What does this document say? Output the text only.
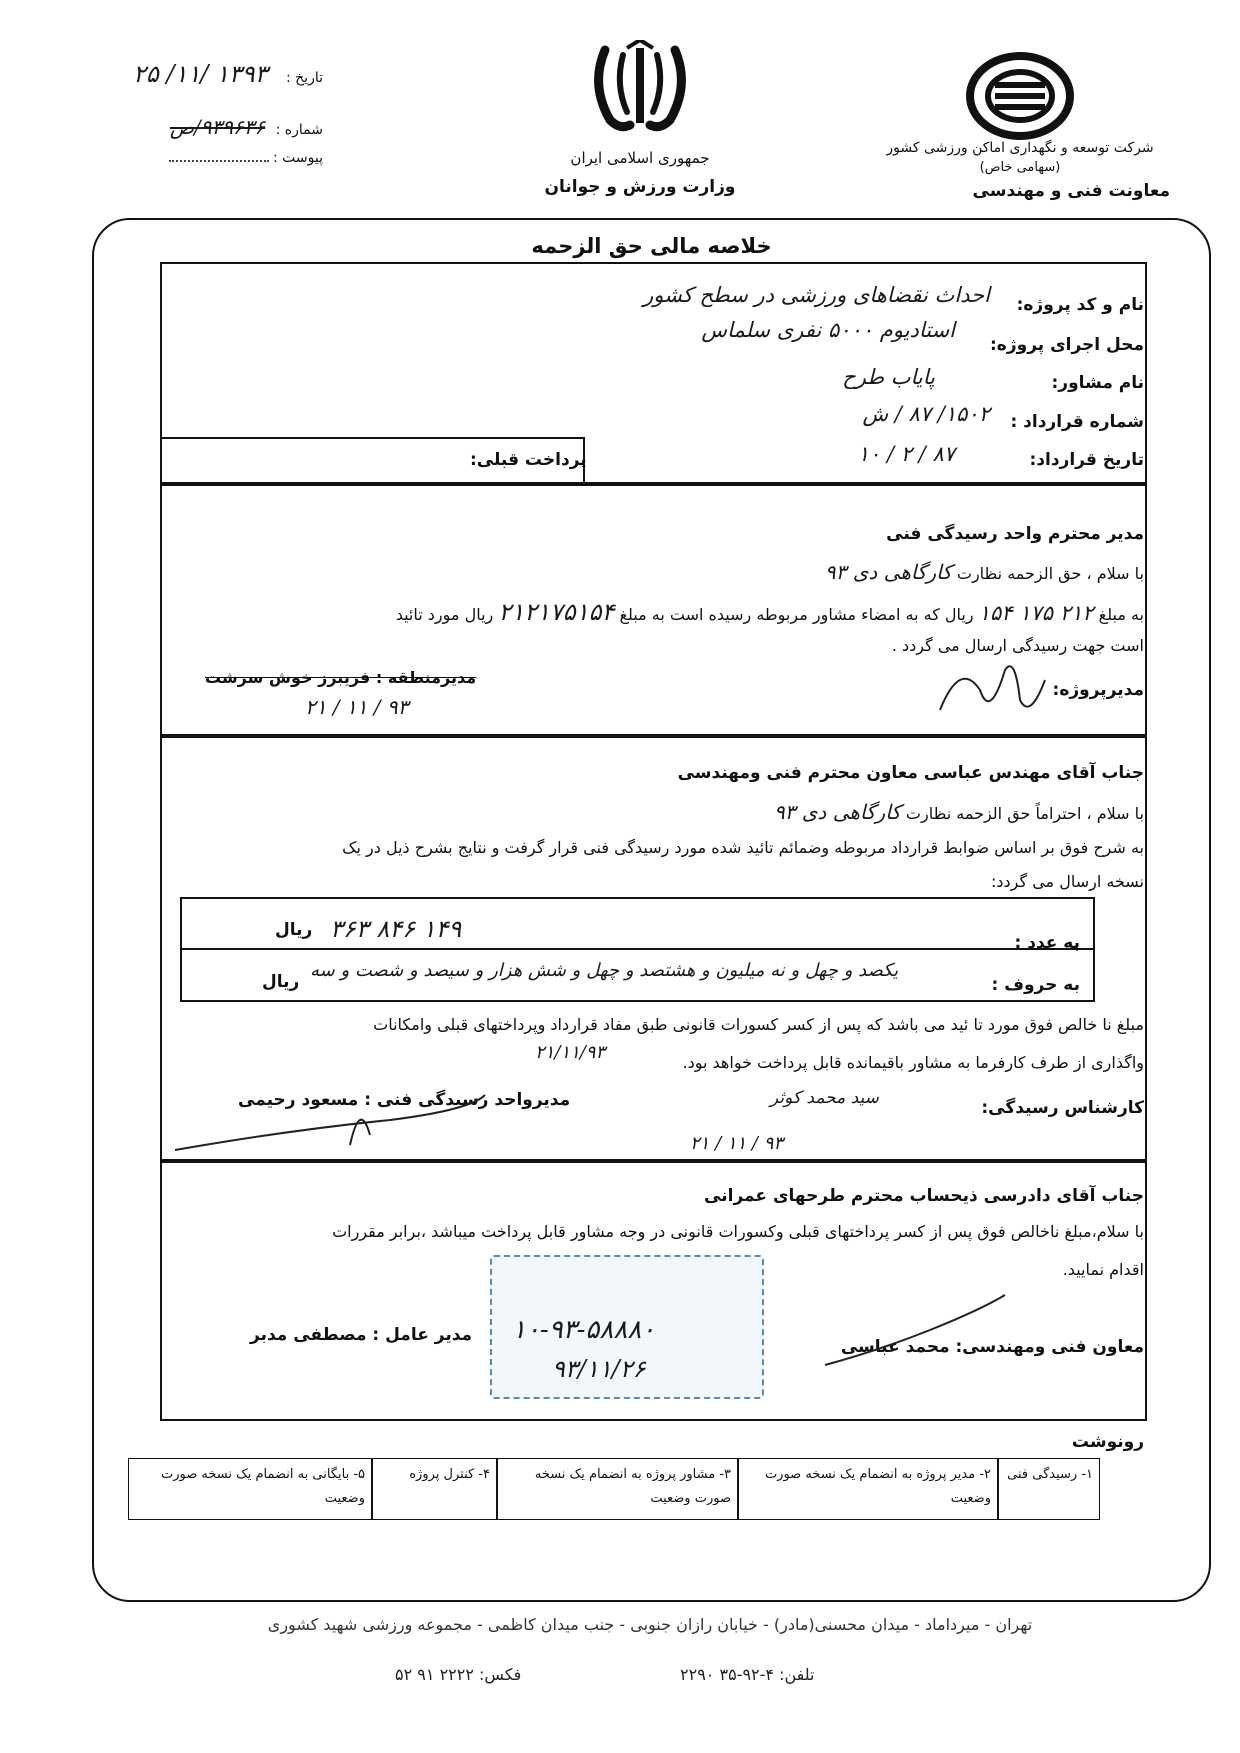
شرکت توسعه و نگهداری اماکن ورزشی کشور
(سهامی خاص)
معاونت فنی و مهندسی
جمهوری اسلامی ایران
وزارت ورزش و جوانان
تاریخ : ۱۳۹۳ /۱۱/ ۲۵
شماره : ۹۳۹۶۳۶/ص
پیوست :
خلاصه مالی حق الزحمه
نام و کد پروژه:
احداث نقضاهای ورزشی در سطح کشور
محل اجرای پروژه:
استادیوم ۵۰۰۰ نفری سلماس
نام مشاور:
پایاب طرح
شماره قرارداد :
۱۵۰۲/ ۸۷ / ش
تاریخ قرارداد:
۸۷ / ۲ / ۱۰
پرداخت قبلی:
مدیر محترم واحد رسیدگی فنی
با سلام ، حق الزحمه نظارت کارگاهی دی ۹۳
به مبلغ ۲۱۲ ۱۷۵ ۱۵۴ ریال که به امضاء مشاور مربوطه رسیده است به مبلغ ۲۱۲۱۷۵۱۵۴ ریال مورد تائید
است جهت رسیدگی ارسال می گردد .
مدیرمنطقه : فریبرز خوش سرشت
مدیرپروژه:
۹۳ / ۱۱ / ۲۱
جناب آقای مهندس عباسی معاون محترم فنی ومهندسی
با سلام ، احتراماً حق الزحمه نظارت کارگاهی دی ۹۳
به شرح فوق بر اساس ضوابط قرارداد مربوطه وضمائم تائید شده مورد رسیدگی فنی قرار گرفت و نتایج بشرح ذیل در یک
نسخه ارسال می گردد:
به عدد :
۱۴۹ ۸۴۶ ۳۶۳
ریال
به حروف :
یکصد و چهل و نه میلیون و هشتصد و چهل و شش هزار و سیصد و شصت و سه
ریال
مبلغ نا خالص فوق مورد تا ئید می باشد که پس از کسر کسورات قانونی طبق مفاد قرارداد وپرداختهای قبلی وامکانات
واگذاری از طرف کارفرما به مشاور باقیمانده قابل پرداخت خواهد بود.
۲۱/۱۱/۹۳
کارشناس رسیدگی:
سید محمد کوثر
مدیرواحد رسیدگی فنی : مسعود رحیمی
۹۳ / ۱۱ / ۲۱
جناب آقای دادرسی ذیحساب محترم طرحهای عمرانی
با سلام،مبلغ ناخالص فوق پس از کسر پرداختهای قبلی وکسورات قانونی در وجه مشاور قابل پرداخت میباشد ،برابر مقررات
اقدام نمایید.
معاون فنی ومهندسی: محمد عباسی
مدیر عامل : مصطفی مدبر ۱۰-۹۳-۵۸۸۸۰
۹۳/۱۱/۲۶
رونوشت
۱- رسیدگی فنی
۲- مدیر پروژه به انضمام یک نسخه صورت وضعیت
۳- مشاور پروژه به انضمام یک نسخه صورت وضعیت
۴- کنترل پروژه
۵- بایگانی به انضمام یک نسخه صورت وضعیت
تهران - میرداماد - میدان محسنی(مادر) - خیابان رازان جنوبی - جنب میدان کاظمی - مجموعه ورزشی شهید کشوری
تلفن: ۴-۹۲-۳۵ ۲۲۹۰
فکس: ۲۲۲۲ ۹۱ ۵۲
